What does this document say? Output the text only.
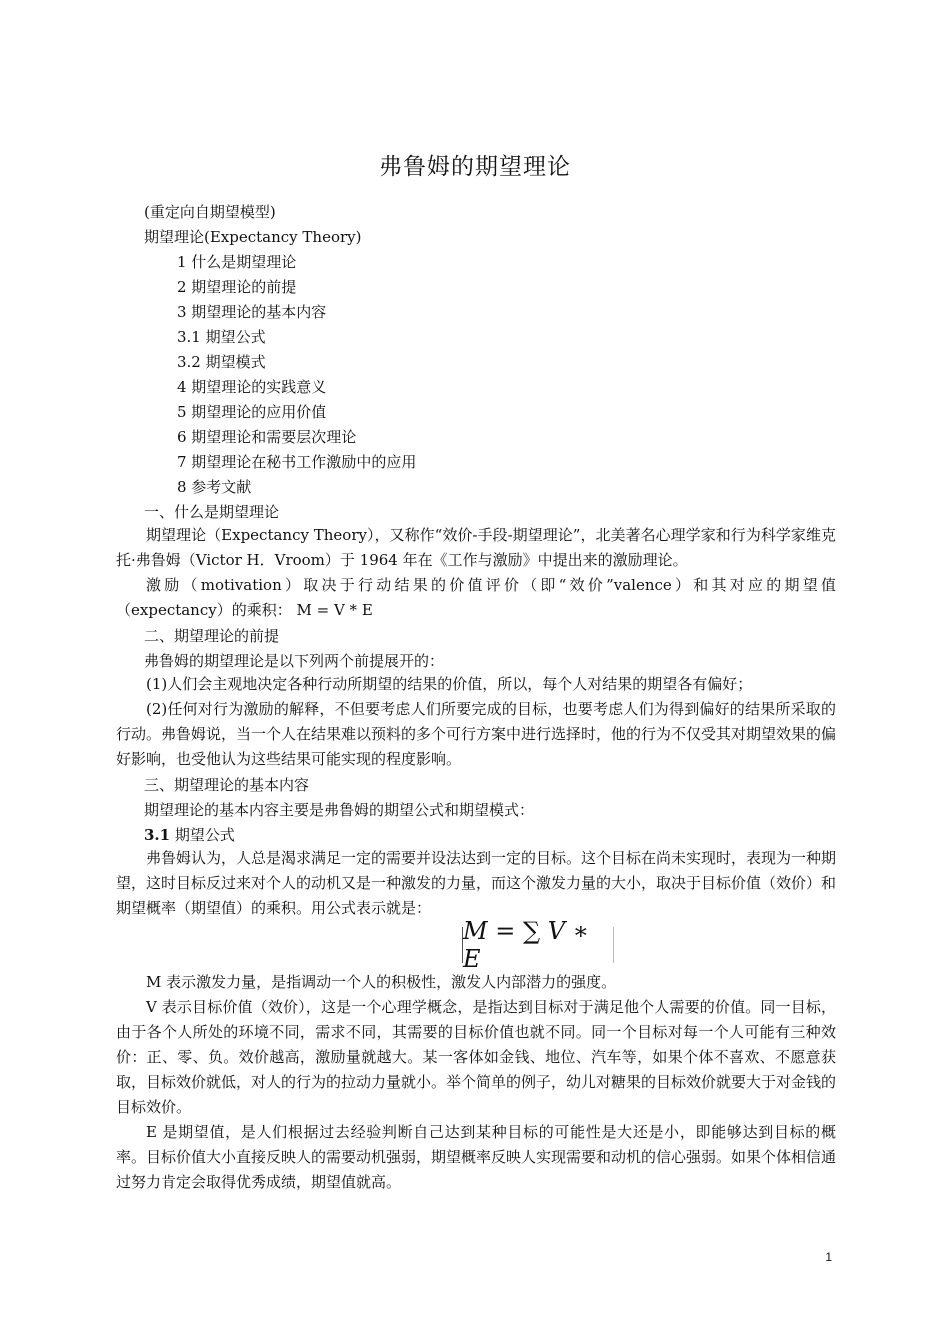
弗鲁姆的期望理论
(重定向自期望模型)
期望理论(Expectancy Theory)
1 什么是期望理论
2 期望理论的前提
3 期望理论的基本内容
3.1 期望公式
3.2 期望模式
4 期望理论的实践意义
5 期望理论的应用价值
6 期望理论和需要层次理论
7 期望理论在秘书工作激励中的应用
8 参考文献
一、什么是期望理论
期望理论（Expectancy Theory），又称作“效价-手段-期望理论”，北美著名心理学家和行为科学家维克托·弗鲁姆（Victor H．Vroom）于 1964 年在《工作与激励》中提出来的激励理论。
激励（motivation）取决于行动结果的价值评价（即“效价”valence）和其对应的期望值（expectancy）的乘积： M = V * E
二、期望理论的前提
弗鲁姆的期望理论是以下列两个前提展开的：
(1)人们会主观地决定各种行动所期望的结果的价值，所以，每个人对结果的期望各有偏好；
(2)任何对行为激励的解释，不但要考虑人们所要完成的目标，也要考虑人们为得到偏好的结果所采取的行动。弗鲁姆说，当一个人在结果难以预料的多个可行方案中进行选择时，他的行为不仅受其对期望效果的偏好影响，也受他认为这些结果可能实现的程度影响。
三、期望理论的基本内容
期望理论的基本内容主要是弗鲁姆的期望公式和期望模式：
3.1 期望公式
弗鲁姆认为，人总是渴求满足一定的需要并设法达到一定的目标。这个目标在尚未实现时，表现为一种期望，这时目标反过来对个人的动机又是一种激发的力量，而这个激发力量的大小，取决于目标价值（效价）和期望概率（期望值）的乘积。用公式表示就是：
M = ∑ V ∗ E
M 表示激发力量，是指调动一个人的积极性，激发人内部潜力的强度。
V 表示目标价值（效价），这是一个心理学概念，是指达到目标对于满足他个人需要的价值。同一目标，由于各个人所处的环境不同，需求不同，其需要的目标价值也就不同。同一个目标对每一个人可能有三种效价：正、零、负。效价越高，激励量就越大。某一客体如金钱、地位、汽车等，如果个体不喜欢、不愿意获取，目标效价就低，对人的行为的拉动力量就小。举个简单的例子，幼儿对糖果的目标效价就要大于对金钱的目标效价。
E 是期望值，是人们根据过去经验判断自己达到某种目标的可能性是大还是小，即能够达到目标的概率。目标价值大小直接反映人的需要动机强弱，期望概率反映人实现需要和动机的信心强弱。如果个体相信通过努力肯定会取得优秀成绩，期望值就高。
1
